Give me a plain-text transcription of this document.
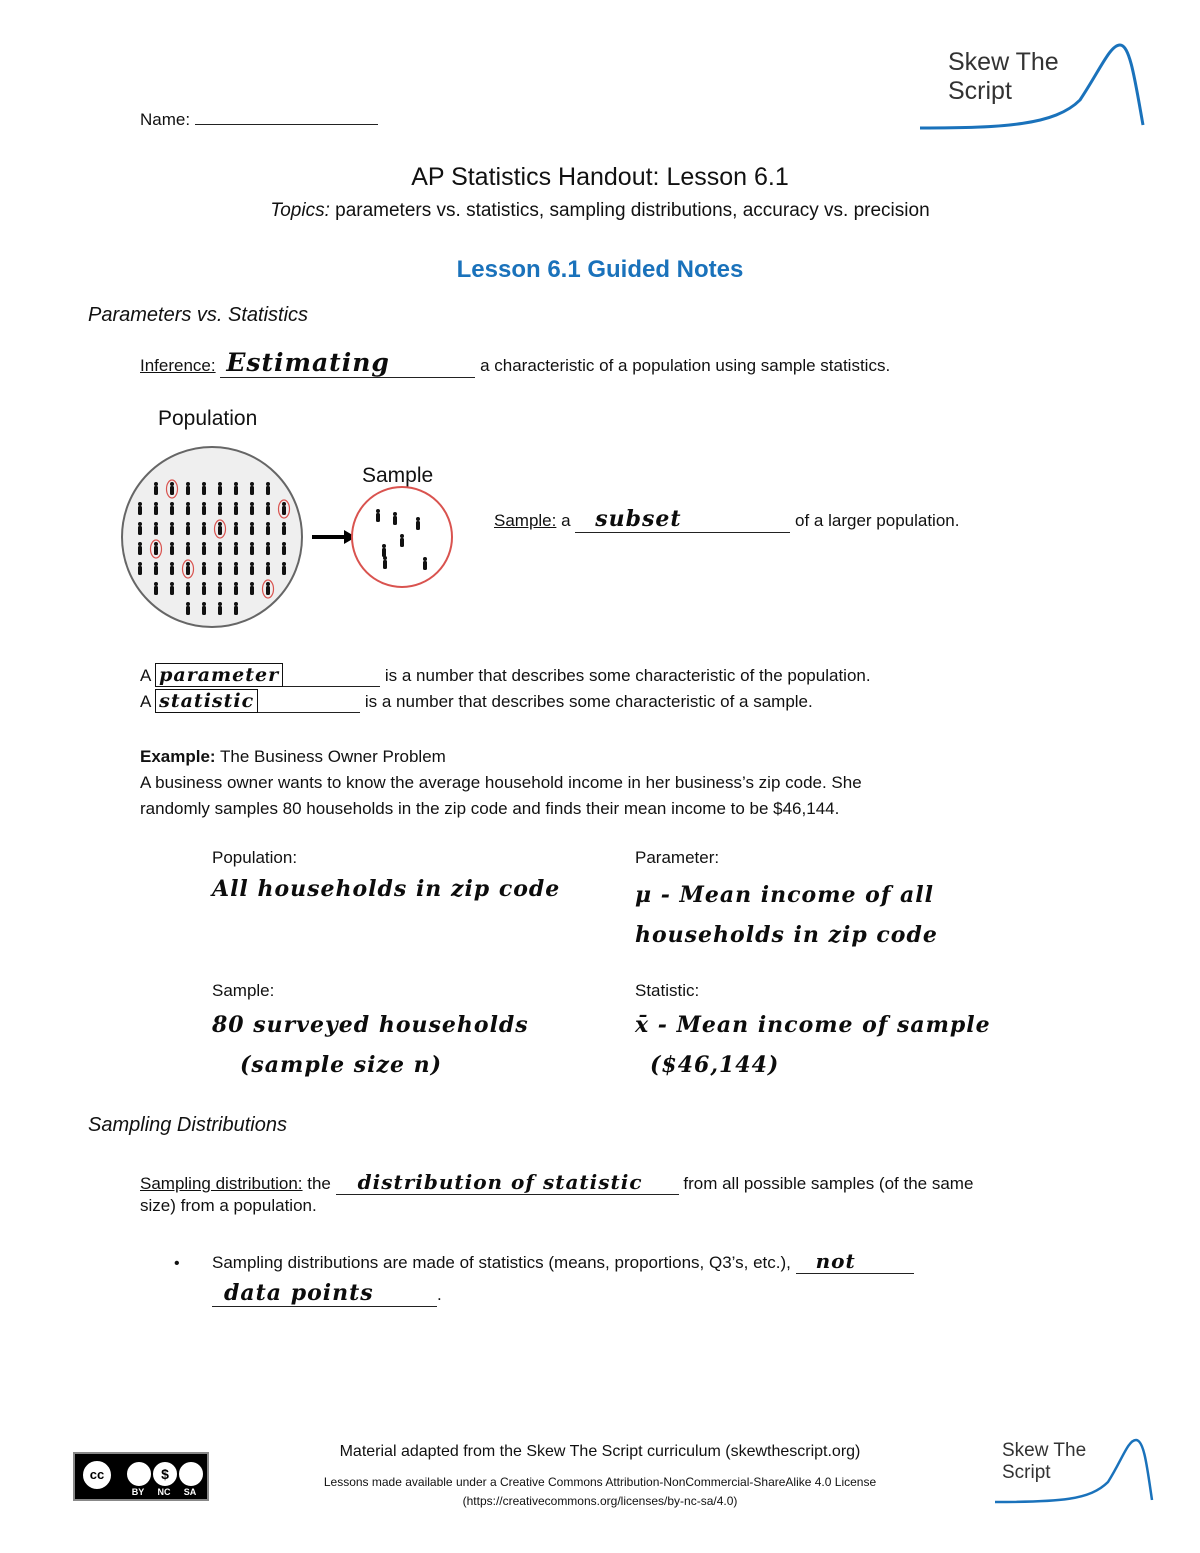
Skew The
Script
Name:
AP Statistics Handout: Lesson 6.1
Topics: parameters vs. statistics, sampling distributions, accuracy vs. precision
Lesson 6.1 Guided Notes
Parameters vs. Statistics
Inference: Estimating	a characteristic of a population using sample statistics.
Population
Sample
Sample: a subset	of a larger population.
A parameter	is a number that describes some characteristic of the population.
A statistic	is a number that describes some characteristic of a sample.
Example: The Business Owner Problem
A business owner wants to know the average household income in her business’s zip code. She
randomly samples 80 households in the zip code and finds their mean income to be $46,144.
Population:
All households in zip code
Parameter:
μ - Mean income of all
households in zip code
Sample:
80 surveyed households
(sample size n)
Statistic:
x̄ - Mean income of sample
($46,144)
Sampling Distributions
Sampling distribution: the distribution of statistic from all possible samples (of the same
size) from a population.
• Sampling distributions are made of statistics (means, proportions, Q3’s, etc.), not
data points	.
cc	$
BY	NC	SA
Material adapted from the Skew The Script curriculum (skewthescript.org)
Lessons made available under a Creative Commons Attribution-NonCommercial-ShareAlike 4.0 License
(https://creativecommons.org/licenses/by-nc-sa/4.0)
Skew The
Script
